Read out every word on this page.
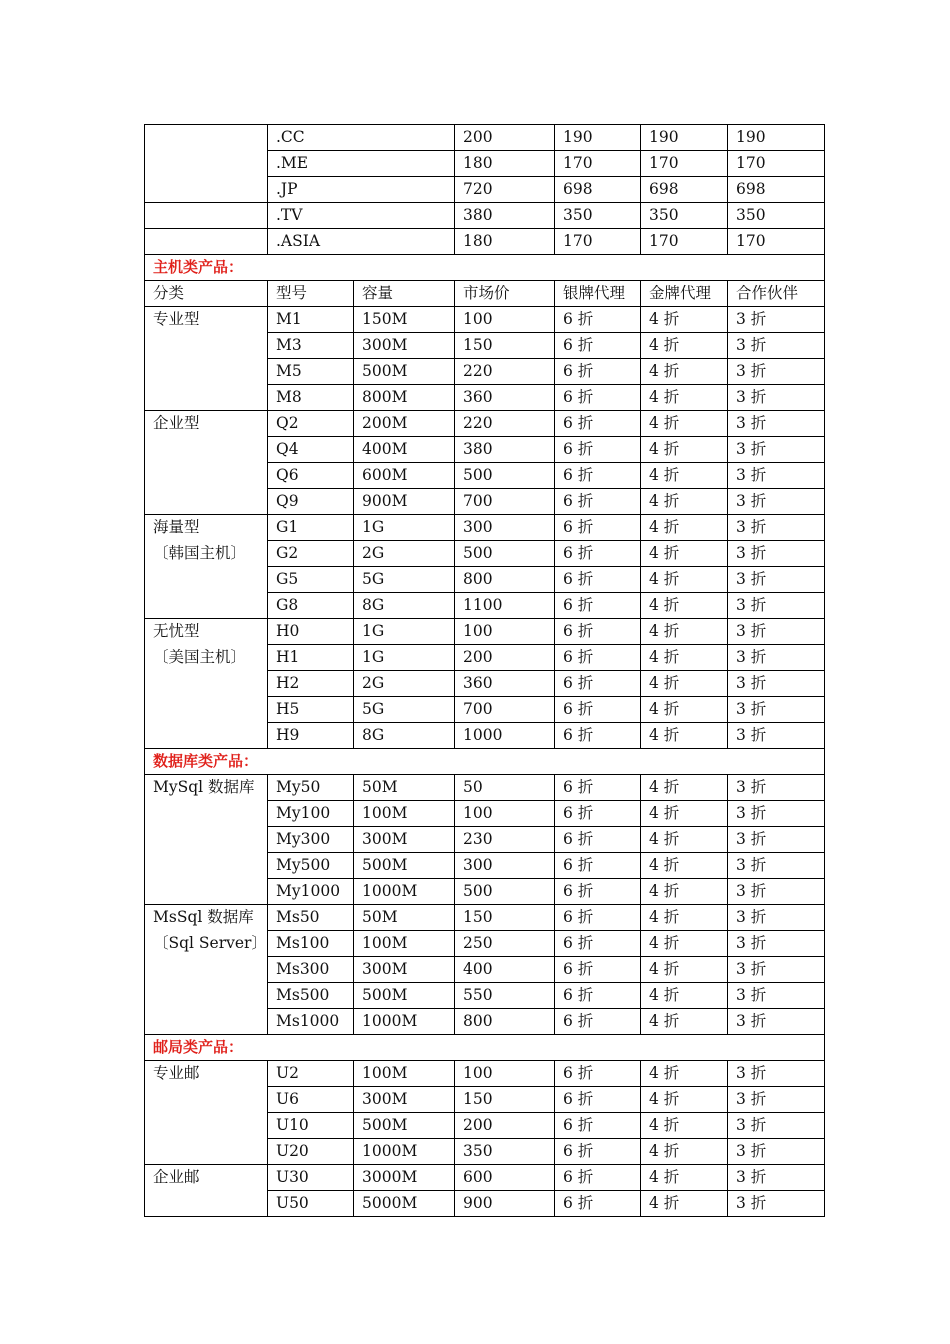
	.CC		200	190	190	190
	.ME		180	170	170	170
	.JP		720	698	698	698
	.TV		380	350	350	350
	.ASIA		180	170	170	170
主机类产品：						
分类	型号	容量	市场价	银牌代理	金牌代理	合作伙伴

专业型	M1	150M	100	6 折	4 折	3 折
	M3	300M	150	6 折	4 折	3 折
	M5	500M	220	6 折	4 折	3 折
	M8	800M	360	6 折	4 折	3 折

企业型	Q2	200M	220	6 折	4 折	3 折
	Q4	400M	380	6 折	4 折	3 折
	Q6	600M	500	6 折	4 折	3 折
	Q9	900M	700	6 折	4 折	3 折

海量型
〔韩国主机〕	G1	1G	300	6 折	4 折	3 折
	G2	2G	500	6 折	4 折	3 折
	G5	5G	800	6 折	4 折	3 折
	G8	8G	1100	6 折	4 折	3 折

无忧型
〔美国主机〕	H0	1G	100	6 折	4 折	3 折
	H1	1G	200	6 折	4 折	3 折
	H2	2G	360	6 折	4 折	3 折
	H5	5G	700	6 折	4 折	3 折
	H9	8G	1000	6 折	4 折	3 折
数据库类产品：						

MySql 数据库	My50	50M	50	6 折	4 折	3 折
	My100	100M	100	6 折	4 折	3 折
	My300	300M	230	6 折	4 折	3 折
	My500	500M	300	6 折	4 折	3 折
	My1000	1000M	500	6 折	4 折	3 折

MsSql 数据库
〔Sql Server〕	Ms50	50M	150	6 折	4 折	3 折
	Ms100	100M	250	6 折	4 折	3 折
	Ms300	300M	400	6 折	4 折	3 折
	Ms500	500M	550	6 折	4 折	3 折
	Ms1000	1000M	800	6 折	4 折	3 折
邮局类产品：						

专业邮	U2	100M	100	6 折	4 折	3 折
	U6	300M	150	6 折	4 折	3 折
	U10	500M	200	6 折	4 折	3 折
	U20	1000M	350	6 折	4 折	3 折

企业邮	U30	3000M	600	6 折	4 折	3 折
	U50	5000M	900	6 折	4 折	3 折
